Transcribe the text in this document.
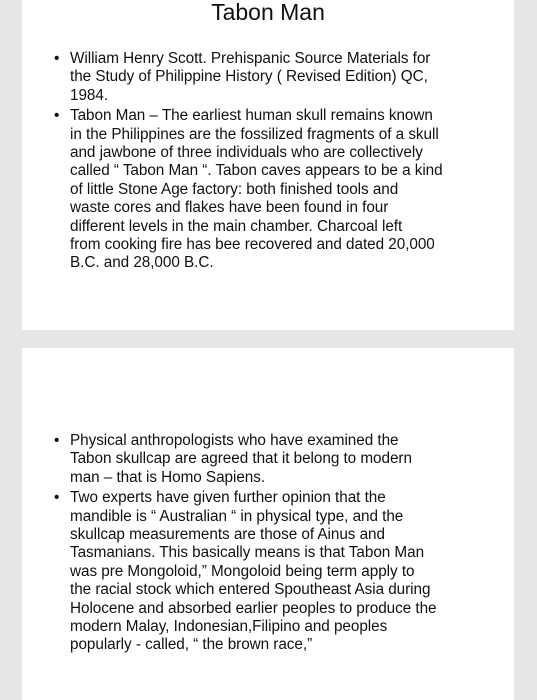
Tabon Man
• William Henry Scott. Prehispanic Source Materials for
the Study of Philippine History ( Revised Edition) QC,
1984.
• Tabon Man – The earliest human skull remains known
in the Philippines are the fossilized fragments of a skull
and jawbone of three individuals who are collectively
called “ Tabon Man “. Tabon caves appears to be a kind
of little Stone Age factory: both finished tools and
waste cores and flakes have been found in four
different levels in the main chamber. Charcoal left
from cooking fire has bee recovered and dated 20,000
B.C. and 28,000 B.C.
• Physical anthropologists who have examined the
Tabon skullcap are agreed that it belong to modern
man – that is Homo Sapiens.
• Two experts have given further opinion that the
mandible is “ Australian “ in physical type, and the
skullcap measurements are those of Ainus and
Tasmanians. This basically means is that Tabon Man
was pre Mongoloid,” Mongoloid being term apply to
the racial stock which entered Spoutheast Asia during
Holocene and absorbed earlier peoples to produce the
modern Malay, Indonesian,Filipino and peoples
popularly - called, “ the brown race,”
